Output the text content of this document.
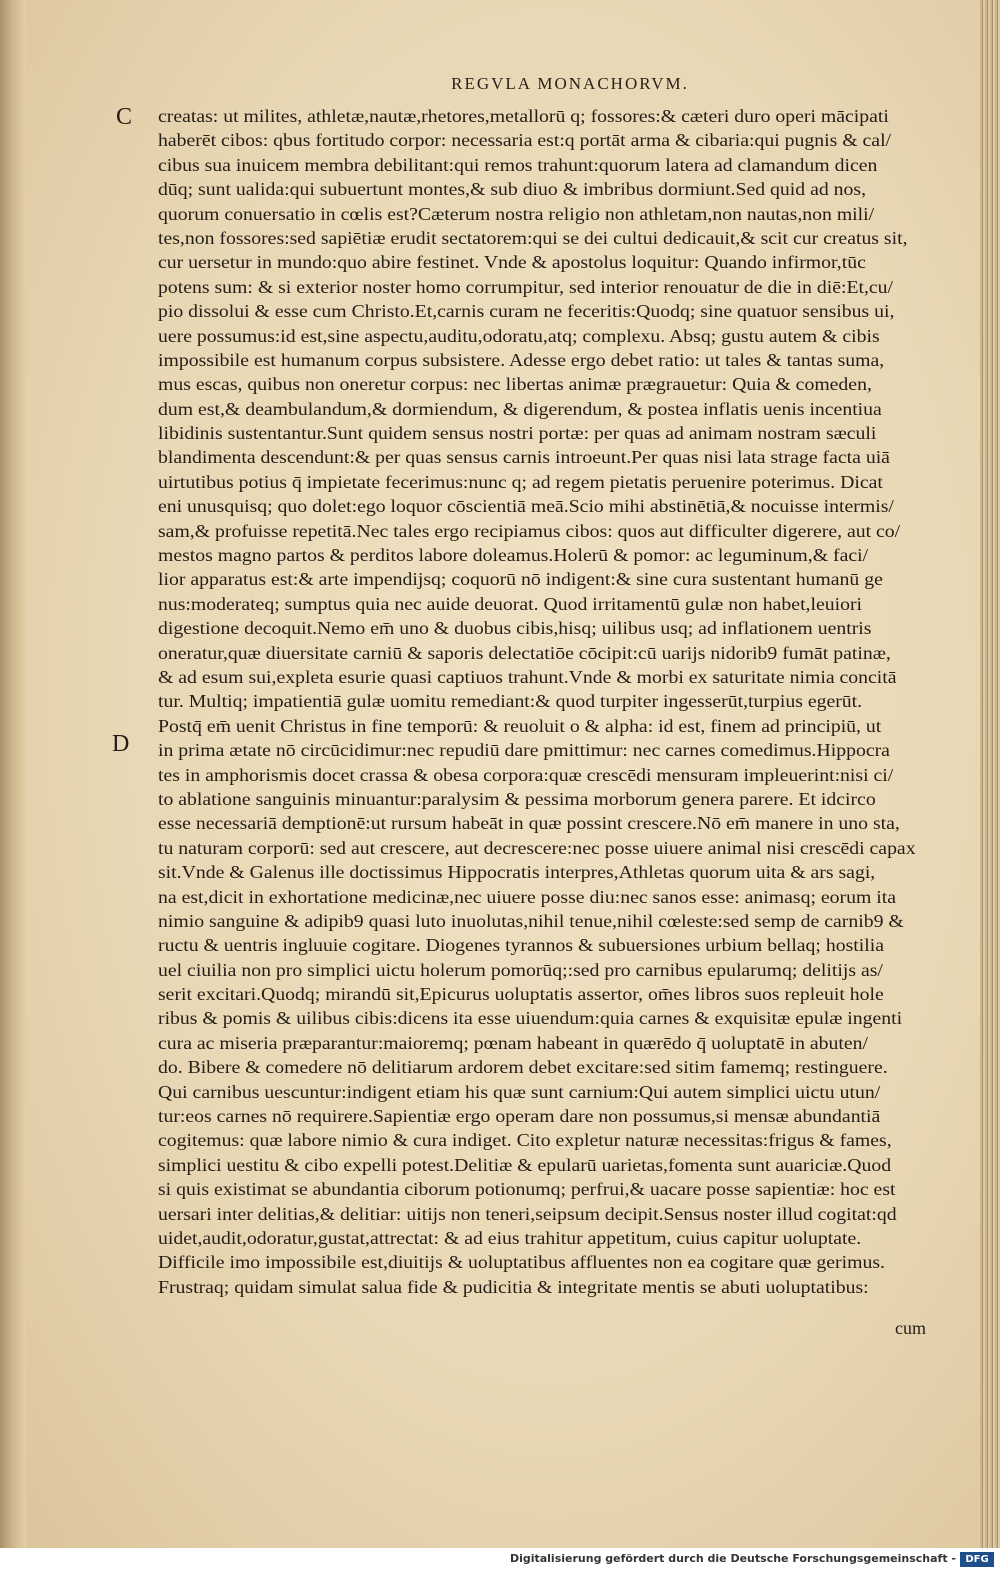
REGVLA MONACHORVM.
C
D
creatas: ut milites, athletæ,nautæ,rhetores,metallorū q; fossores:& cæteri duro operi mācipati
haberēt cibos: qbus fortitudo corpor: necessaria est:q portāt arma & cibaria:qui pugnis & cal/
cibus sua inuicem membra debilitant:qui remos trahunt:quorum latera ad clamandum dicen
dūq; sunt ualida:qui subuertunt montes,& sub diuo & imbribus dormiunt.Sed quid ad nos,
quorum conuersatio in cœlis est?Cæterum nostra religio non athletam,non nautas,non mili/
tes,non fossores:sed sapiētiæ erudit sectatorem:qui se dei cultui dedicauit,& scit cur creatus sit,
cur uersetur in mundo:quo abire festinet. Vnde & apostolus loquitur: Quando infirmor,tūc
potens sum: & si exterior noster homo corrumpitur, sed interior renouatur de die in diē:Et,cu/
pio dissolui & esse cum Christo.Et,carnis curam ne feceritis:Quodq; sine quatuor sensibus ui,
uere possumus:id est,sine aspectu,auditu,odoratu,atq; complexu. Absq; gustu autem & cibis
impossibile est humanum corpus subsistere. Adesse ergo debet ratio: ut tales & tantas suma,
mus escas, quibus non oneretur corpus: nec libertas animæ prægrauetur: Quia & comeden,
dum est,& deambulandum,& dormiendum, & digerendum, & postea inflatis uenis incentiua
libidinis sustentantur.Sunt quidem sensus nostri portæ: per quas ad animam nostram sæculi
blandimenta descendunt:& per quas sensus carnis introeunt.Per quas nisi lata strage facta uiā
uirtutibus potius q̄ impietate fecerimus:nunc q; ad regem pietatis peruenire poterimus. Dicat
eni unusquisq; quo dolet:ego loquor cōscientiā meā.Scio mihi abstinētiā,& nocuisse intermis/
sam,& profuisse repetitā.Nec tales ergo recipiamus cibos: quos aut difficulter digerere, aut co/
mestos magno partos & perditos labore doleamus.Holerū & pomor: ac leguminum,& faci/
lior apparatus est:& arte impendijsq; coquorū nō indigent:& sine cura sustentant humanū ge
nus:moderateq; sumptus quia nec auide deuorat. Quod irritamentū gulæ non habet,leuiori
digestione decoquit.Nemo em̄ uno & duobus cibis,hisq; uilibus usq; ad inflationem uentris
oneratur,quæ diuersitate carniū & saporis delectatiōe cōcipit:cū uarijs nidorib9 fumāt patinæ,
& ad esum sui,expleta esurie quasi captiuos trahunt.Vnde & morbi ex saturitate nimia concitā
tur. Multiq; impatientiā gulæ uomitu remediant:& quod turpiter ingesserūt,turpius egerūt.
Postq̄ em̄ uenit Christus in fine temporū: & reuoluit o & alpha: id est, finem ad principiū, ut
in prima ætate nō circūcidimur:nec repudiū dare pmittimur: nec carnes comedimus.Hippocra
tes in amphorismis docet crassa & obesa corpora:quæ crescēdi mensuram impleuerint:nisi ci/
to ablatione sanguinis minuantur:paralysim & pessima morborum genera parere. Et idcirco
esse necessariā demptionē:ut rursum habeāt in quæ possint crescere.Nō em̄ manere in uno sta,
tu naturam corporū: sed aut crescere, aut decrescere:nec posse uiuere animal nisi crescēdi capax
sit.Vnde & Galenus ille doctissimus Hippocratis interpres,Athletas quorum uita & ars sagi,
na est,dicit in exhortatione medicinæ,nec uiuere posse diu:nec sanos esse: animasq; eorum ita
nimio sanguine & adipib9 quasi luto inuolutas,nihil tenue,nihil cœleste:sed semp de carnib9 &
ructu & uentris ingluuie cogitare. Diogenes tyrannos & subuersiones urbium bellaq; hostilia
uel ciuilia non pro simplici uictu holerum pomorūq;:sed pro carnibus epularumq; delitijs as/
serit excitari.Quodq; mirandū sit,Epicurus uoluptatis assertor, om̄es libros suos repleuit hole
ribus & pomis & uilibus cibis:dicens ita esse uiuendum:quia carnes & exquisitæ epulæ ingenti
cura ac miseria præparantur:maioremq; pœnam habeant in quærēdo q̄ uoluptatē in abuten/
do. Bibere & comedere nō delitiarum ardorem debet excitare:sed sitim famemq; restinguere.
Qui carnibus uescuntur:indigent etiam his quæ sunt carnium:Qui autem simplici uictu utun/
tur:eos carnes nō requirere.Sapientiæ ergo operam dare non possumus,si mensæ abundantiā
cogitemus: quæ labore nimio & cura indiget. Cito expletur naturæ necessitas:frigus & fames,
simplici uestitu & cibo expelli potest.Delitiæ & epularū uarietas,fomenta sunt auariciæ.Quod
si quis existimat se abundantia ciborum potionumq; perfrui,& uacare posse sapientiæ: hoc est
uersari inter delitias,& delitiar: uitijs non teneri,seipsum decipit.Sensus noster illud cogitat:qd
uidet,audit,odoratur,gustat,attrectat: & ad eius trahitur appetitum, cuius capitur uoluptate.
Difficile imo impossibile est,diuitijs & uoluptatibus affluentes non ea cogitare quæ gerimus.
Frustraq; quidam simulat salua fide & pudicitia & integritate mentis se abuti uoluptatibus:
cum
Digitalisierung gefördert durch die Deutsche Forschungsgemeinschaft - DFG
